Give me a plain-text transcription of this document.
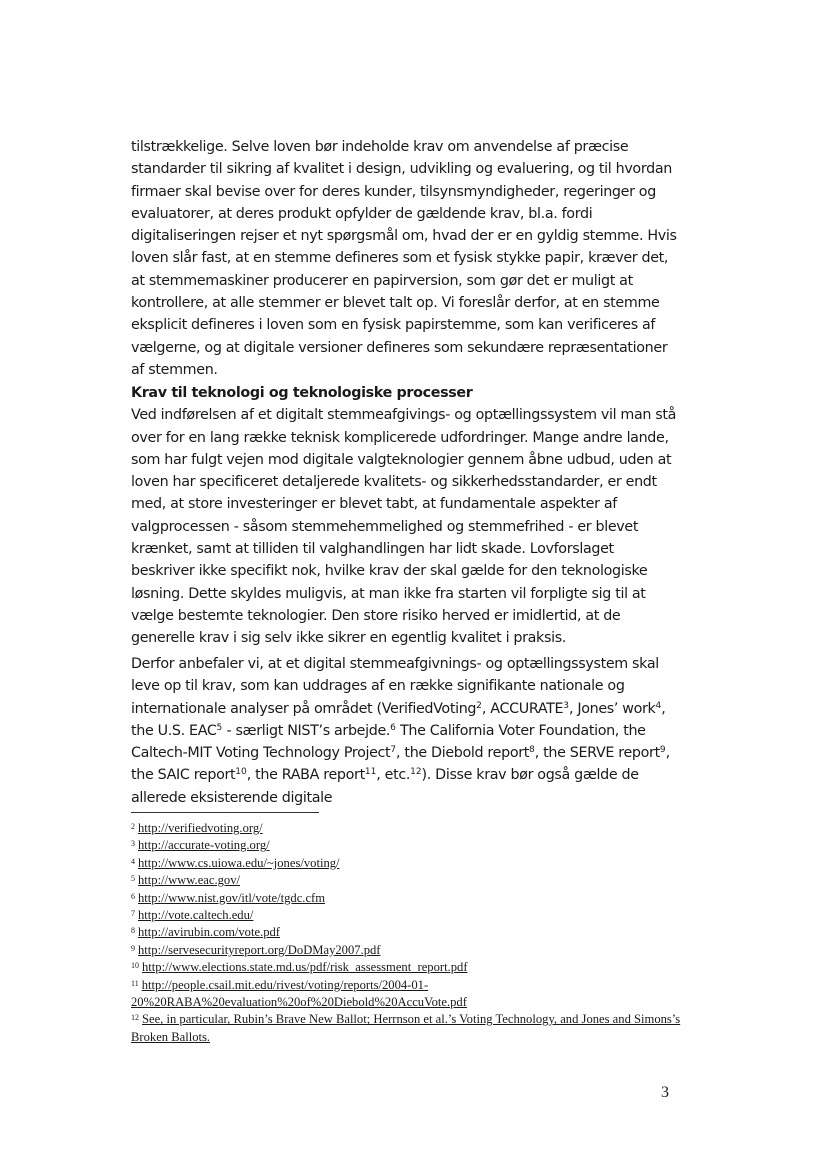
tilstrækkelige. Selve loven bør indeholde krav om anvendelse af præcise standarder til sikring af kvalitet i design, udvikling og evaluering, og til hvordan firmaer skal bevise over for deres kunder, tilsynsmyndigheder, regeringer og evaluatorer, at deres produkt opfylder de gældende krav, bl.a. fordi digitaliseringen rejser et nyt spørgsmål om, hvad der er en gyldig stemme. Hvis loven slår fast, at en stemme defineres som et fysisk stykke papir, kræver det, at stemmemaskiner producerer en papirversion, som gør det er muligt at kontrollere, at alle stemmer er blevet talt op. Vi foreslår derfor, at en stemme eksplicit defineres i loven som en fysisk papirstemme, som kan verificeres af vælgerne, og at digitale versioner defineres som sekundære repræsentationer af stemmen.

Krav til teknologi og teknologiske processer

Ved indførelsen af et digitalt stemmeafgivings- og optællingssystem vil man stå over for en lang række teknisk komplicerede udfordringer. Mange andre lande, som har fulgt vejen mod digitale valgteknologier gennem åbne udbud, uden at loven har specificeret detaljerede kvalitets- og sikkerhedsstandarder, er endt med, at store investeringer er blevet tabt, at fundamentale aspekter af valgprocessen - såsom stemmehemmelighed og stemmefrihed - er blevet krænket, samt at tilliden til valghandlingen har lidt skade. Lovforslaget beskriver ikke specifikt nok, hvilke krav der skal gælde for den teknologiske løsning. Dette skyldes muligvis, at man ikke fra starten vil forpligte sig til at vælge bestemte teknologier. Den store risiko herved er imidlertid, at de generelle krav i sig selv ikke sikrer en egentlig kvalitet i praksis.

Derfor anbefaler vi, at et digital stemmeafgivnings- og optællingssystem skal leve op til krav, som kan uddrages af en række signifikante nationale og internationale analyser på området (VerifiedVoting$^2$, ACCURATE$^3$, Jones’ work$^4$, the U.S. EAC$^5$ - særligt NIST’s arbejde.$^6$ The California Voter Foundation, the Caltech-MIT Voting Technology Project$^7$, the Diebold report$^8$, the SERVE report$^9$, the SAIC report$^{10}$, the RABA report$^{11}$, etc.$^{12}$). Disse krav bør også gælde de allerede eksisterende digitale

$^2$ http://verifiedvoting.org/

$^3$ http://accurate-voting.org/

$^4$ http://www.cs.uiowa.edu/~jones/voting/

$^5$ http://www.eac.gov/

$^6$ http://www.nist.gov/itl/vote/tgdc.cfm

$^7$ http://vote.caltech.edu/

$^8$ http://avirubin.com/vote.pdf

$^9$ http://servesecurityreport.org/DoDMay2007.pdf

$^{10}$ http://www.elections.state.md.us/pdf/risk_assessment_report.pdf

$^{11}$ http://people.csail.mit.edu/rivest/voting/reports/2004-01-20%20RABA%20evaluation%20of%20Diebold%20AccuVote.pdf

$^{12}$ See, in particular, Rubin’s Brave New Ballot; Herrnson et al.’s Voting Technology, and Jones and Simons’s Broken Ballots.

3
